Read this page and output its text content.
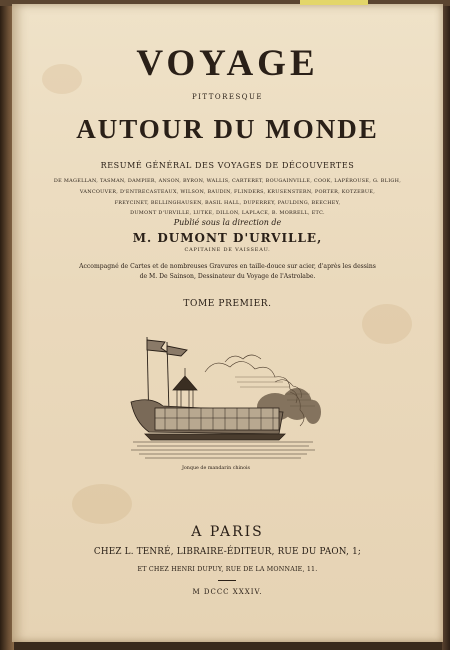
VOYAGE
PITTORESQUE
AUTOUR DU MONDE
RESUMÉ GÉNÉRAL DES VOYAGES DE DÉCOUVERTES
DE MAGELLAN, TASMAN, DAMPIER, ANSON, BYRON, WALLIS, CARTERET, BOUGAINVILLE, COOK, LAPÉROUSE, G. BLIGH,
VANCOUVER, D'ENTRECASTEAUX, WILSON, BAUDIN, FLINDERS, KRUSENSTERN, PORTER, KOTZEBUE,
FREYCINET, BELLINGHAUSEN, BASIL HALL, DUPERREY, PAULDING, BEECHEY,
DUMONT D'URVILLE, LUTKE, DILLON, LAPLACE, B. MORRELL, ETC.
Publié sous la direction de
M. DUMONT D'URVILLE,
CAPITAINE DE VAISSEAU.
Accompagné de Cartes et de nombreuses Gravures en taille-douce sur acier, d'après les dessins
de M. De Sainson, Dessinateur du Voyage de l'Astrolabe.
TOME PREMIER.
Jonque de mandarin chinois
A PARIS
CHEZ L. TENRÉ, LIBRAIRE-ÉDITEUR, RUE DU PAON, 1;
ET CHEZ HENRI DUPUY, RUE DE LA MONNAIE, 11.
M DCCC XXXIV.
